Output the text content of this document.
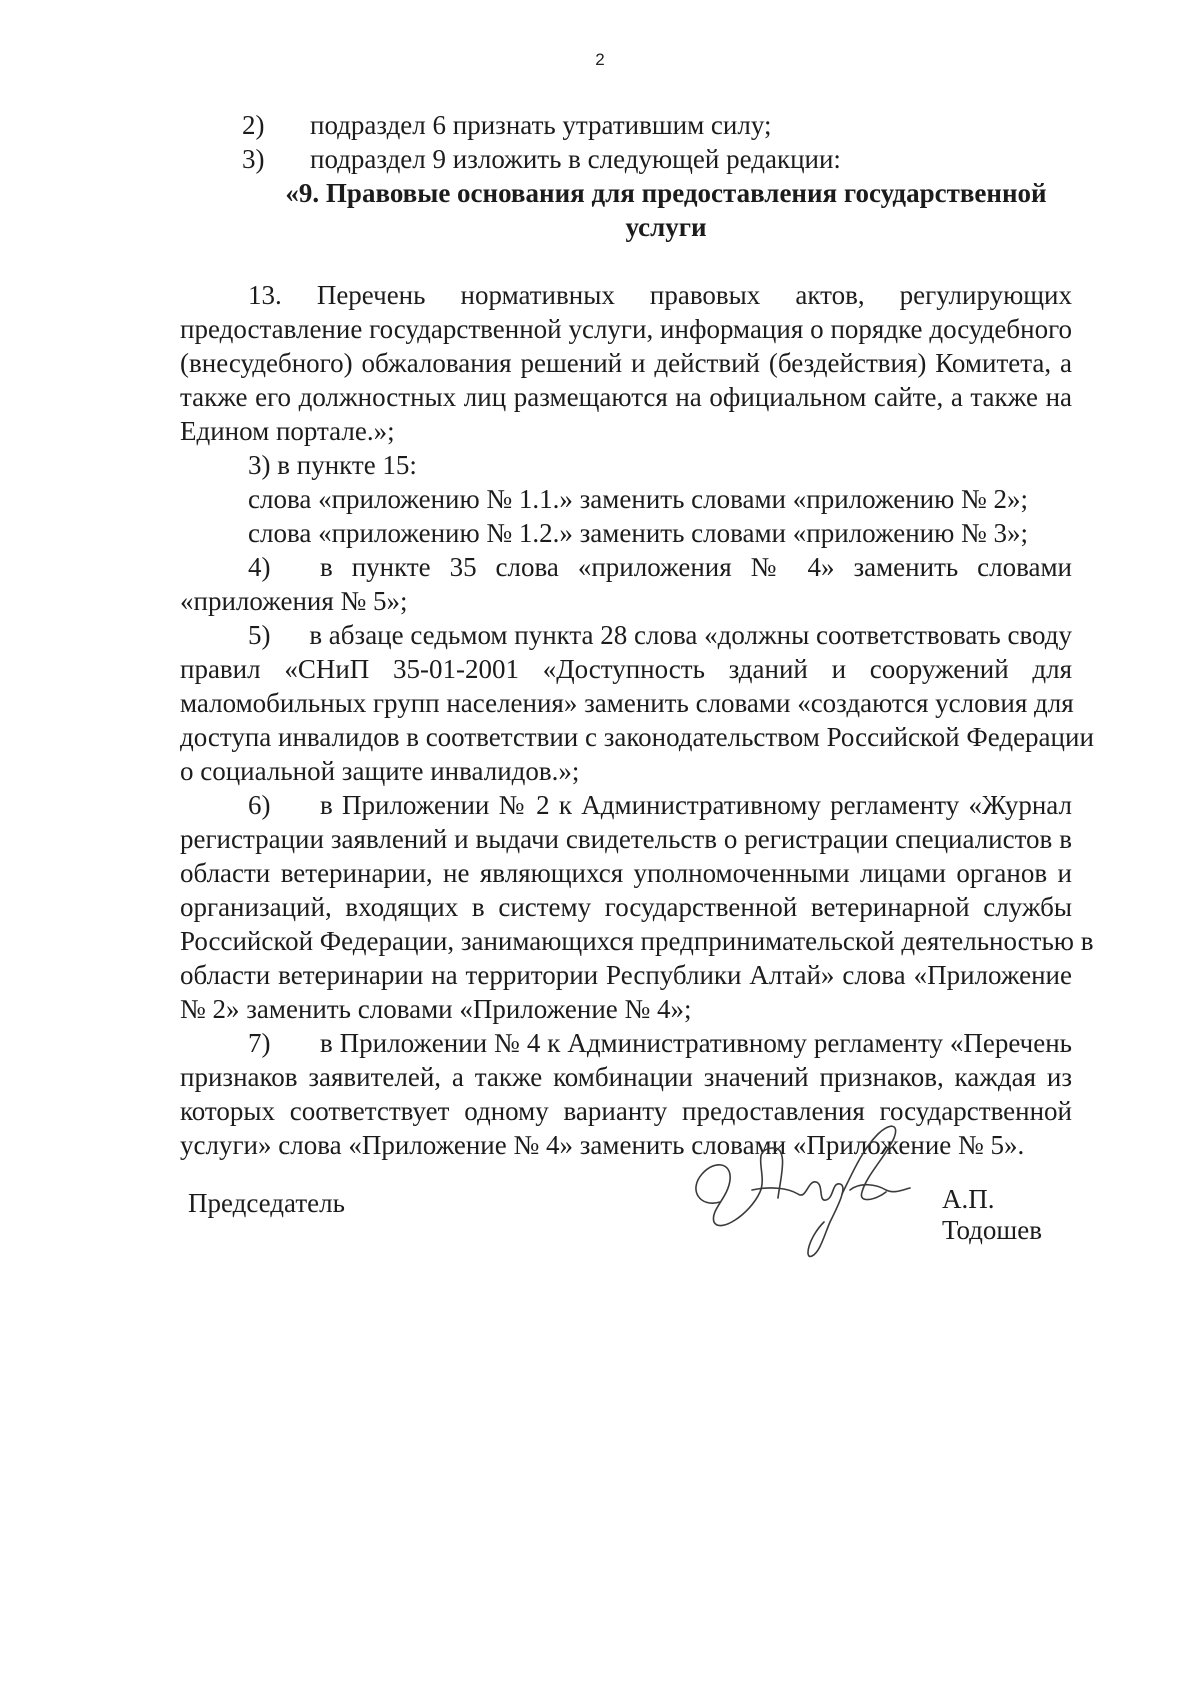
2
2) подраздел 6 признать утратившим силу;
3) подраздел 9 изложить в следующей редакции:
«9. Правовые основания для предоставления государственной
услуги
13. Перечень нормативных правовых актов, регулирующих
предоставление государственной услуги, информация о порядке досудебного
(внесудебного) обжалования решений и действий (бездействия) Комитета, а
также его должностных лиц размещаются на официальном сайте, а также на
Едином портале.»;
3) в пункте 15:
слова «приложению № 1.1.» заменить словами «приложению № 2»;
слова «приложению № 1.2.» заменить словами «приложению № 3»;
4)	в пункте 35 слова «приложения № 4» заменить словами
«приложения № 5»;
5)	в абзаце седьмом пункта 28 слова «должны соответствовать своду
правил «СНиП 35-01-2001 «Доступность зданий и сооружений для
маломобильных групп населения» заменить словами «создаются условия для
доступа инвалидов в соответствии с законодательством Российской Федерации
о социальной защите инвалидов.»;
6)	в Приложении № 2 к Административному регламенту «Журнал
регистрации заявлений и выдачи свидетельств о регистрации специалистов в
области ветеринарии, не являющихся уполномоченными лицами органов и
организаций, входящих в систему государственной ветеринарной службы
Российской Федерации, занимающихся предпринимательской деятельностью в
области ветеринарии на территории Республики Алтай» слова «Приложение
№ 2» заменить словами «Приложение № 4»;
7)	в Приложении № 4 к Административному регламенту «Перечень
признаков заявителей, а также комбинации значений признаков, каждая из
которых соответствует одному варианту предоставления государственной
услуги» слова «Приложение № 4» заменить словами «Приложение № 5».
Председатель	А.П. Тодошев
